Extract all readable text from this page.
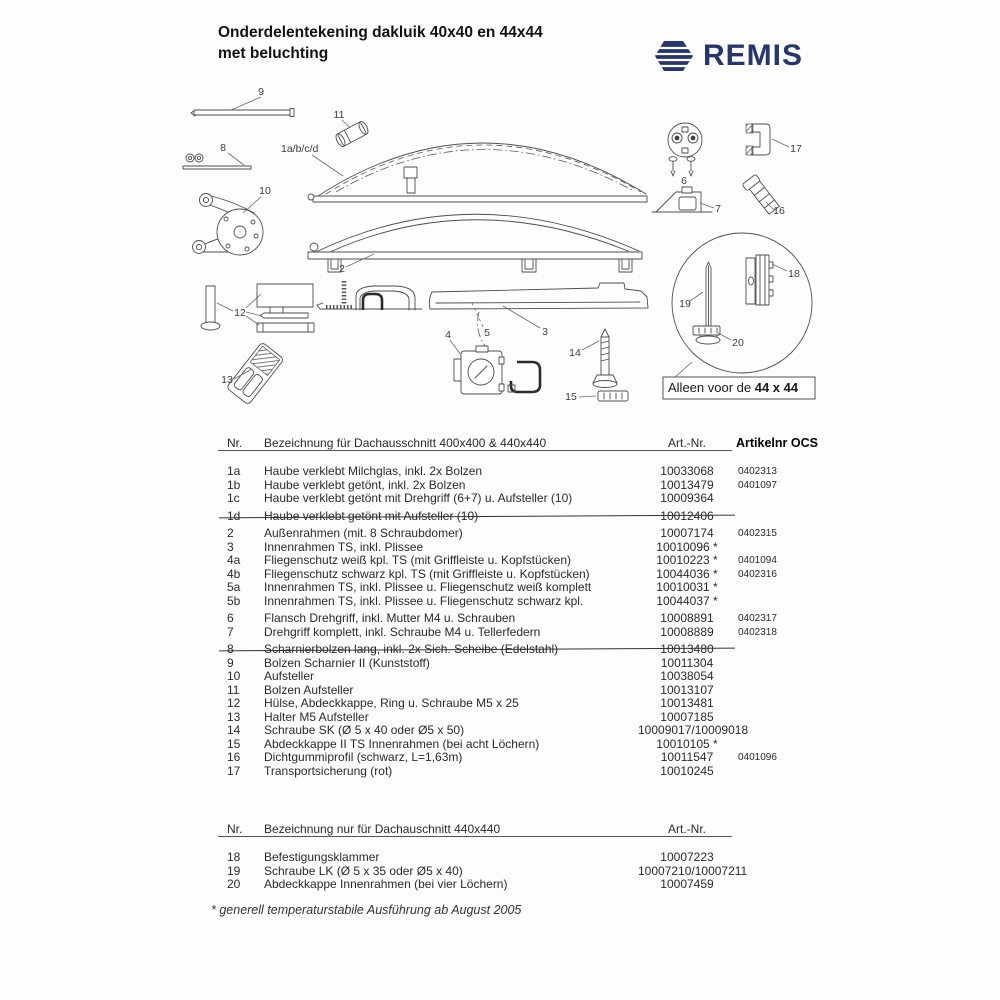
Onderdelentekening dakluik 40x40 en 44x44
met beluchting	REMIS
Alleen voor de 44 x 44
9
8
10
11
1a/b/c/d
12
13
2
5	3
4
14
15
6
7
17
16
19
18
20
Nr.	Bezeichnung für Dachausschnitt 400x400 & 440x440	Art.-Nr.	Artikelnr OCS
1a	Haube verklebt Milchglas, inkl. 2x Bolzen	10033068	0402313
1b	Haube verklebt getönt, inkl. 2x Bolzen	10013479	0401097
1c	Haube verklebt getönt mit Drehgriff (6+7) u. Aufsteller (10)	10009364
1d	Haube verklebt getönt mit Aufsteller (10)	10012406
2	Außenrahmen (mit. 8 Schraubdomer)	10007174	0402315
3	Innenrahmen TS, inkl. Plissee	10010096 *
4a	Fliegenschutz weiß kpl. TS (mit Griffleiste u. Kopfstücken)	10010223 *	0401094
4b	Fliegenschutz schwarz kpl. TS (mit Griffleiste u. Kopfstücken)	10044036 *	0402316
5a	Innenrahmen TS, inkl. Plissee u. Fliegenschutz weiß komplett	10010031 *
5b	Innenrahmen TS, inkl. Plissee u. Fliegenschutz schwarz kpl.	10044037 *
6	Flansch Drehgriff, inkl. Mutter M4 u. Schrauben	10008891	0402317
7	Drehgriff komplett, inkl. Schraube M4 u. Tellerfedern	10008889	0402318
8	Scharnierbolzen lang, inkl. 2x Sich. Scheibe (Edelstahl)	10013480
9	Bolzen Scharnier II (Kunststoff)	10011304
10	Aufsteller	10038054
11	Bolzen Aufsteller	10013107
12	Hülse, Abdeckkappe, Ring u. Schraube M5 x 25	10013481
13	Halter M5 Aufsteller	10007185
14	Schraube SK (Ø 5 x 40 oder Ø5 x 50)	10009017/10009018
15	Abdeckkappe II TS Innenrahmen (bei acht Löchern)	10010105 *
16	Dichtgummiprofil (schwarz, L=1,63m)	10011547	0401096
17	Transportsicherung (rot)	10010245
Nr.	Bezeichnung nur für Dachauschnitt 440x440	Art.-Nr.
18	Befestigungsklammer	10007223
19	Schraube LK (Ø 5 x 35 oder Ø5 x 40)	10007210/10007211
20	Abdeckkappe Innenrahmen (bei vier Löchern)	10007459
* generell temperaturstabile Ausführung ab August 2005
